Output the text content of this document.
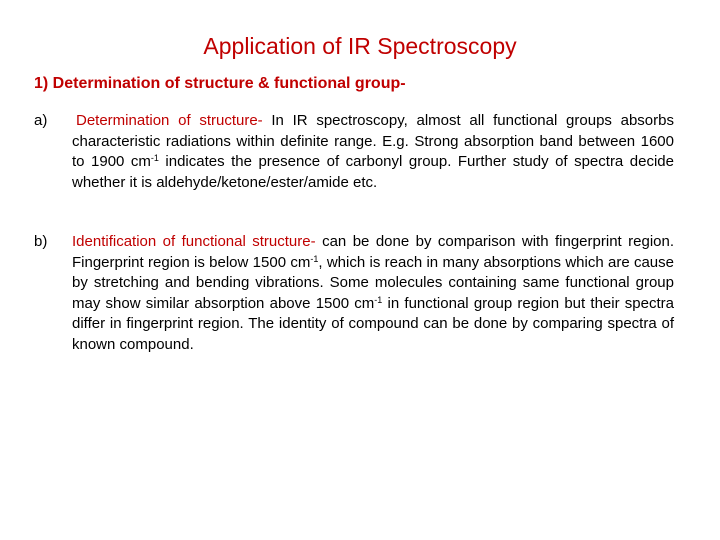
Application of IR Spectroscopy
1) Determination of structure & functional group-
a) Determination of structure- In IR spectroscopy, almost all functional groups absorbs characteristic radiations within definite range. E.g. Strong absorption band between 1600 to 1900 $cm^{-1}$ indicates the presence of carbonyl group. Further study of spectra decide whether it is aldehyde/ketone/ester/amide etc.
b) Identification of functional structure- can be done by comparison with fingerprint region. Fingerprint region is below 1500 $cm^{-1}$, which is reach in many absorptions which are cause by stretching and bending vibrations. Some molecules containing same functional group may show similar absorption above 1500 $cm^{-1}$ in functional group region but their spectra differ in fingerprint region. The identity of compound can be done by comparing spectra of known compound.
